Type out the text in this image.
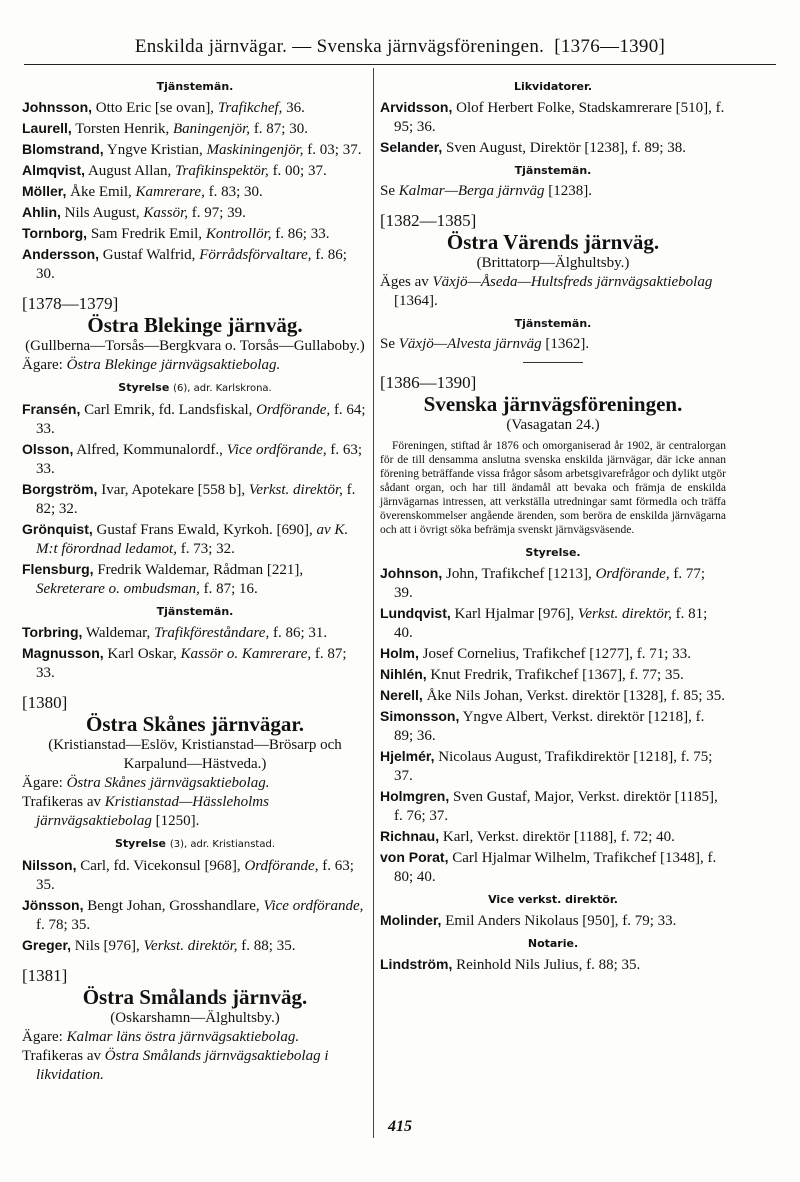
Enskilda järnvägar. — Svenska järnvägsföreningen. [1376—1390]
Tjänstemän.
Johnsson, Otto Eric [se ovan], Trafikchef, 36.
Laurell, Torsten Henrik, Baningenjör, f. 87; 30.
Blomstrand, Yngve Kristian, Maskiningenjör, f. 03; 37.
Almqvist, August Allan, Trafikinspektör, f. 00; 37.
Möller, Åke Emil, Kamrerare, f. 83; 30.
Ahlin, Nils August, Kassör, f. 97; 39.
Tornborg, Sam Fredrik Emil, Kontrollör, f. 86; 33.
Andersson, Gustaf Walfrid, Förrådsförvaltare, f. 86; 30.
[1378—1379]
Östra Blekinge järnväg.
(Gullberna—Torsås—Bergkvara o. Torsås—Gullaboby.)
Ägare: Östra Blekinge järnvägsaktiebolag.
Styrelse (6), adr. Karlskrona.
Fransén, Carl Emrik, fd. Landsfiskal, Ordförande, f. 64; 33.
Olsson, Alfred, Kommunalordf., Vice ordförande, f. 63; 33.
Borgström, Ivar, Apotekare [558 b], Verkst. direktör, f. 82; 32.
Grönquist, Gustaf Frans Ewald, Kyrkoh. [690], av K. M:t förordnad ledamot, f. 73; 32.
Flensburg, Fredrik Waldemar, Rådman [221], Sekreterare o. ombudsman, f. 87; 16.
Tjänstemän.
Torbring, Waldemar, Trafikföreståndare, f. 86; 31.
Magnusson, Karl Oskar, Kassör o. Kamrerare, f. 87; 33.
[1380]
Östra Skånes järnvägar.
(Kristianstad—Eslöv, Kristianstad—Brösarp och Karpalund—Hästveda.)
Ägare: Östra Skånes järnvägsaktiebolag.
Trafikeras av Kristianstad—Hässleholms järnvägsaktiebolag [1250].
Styrelse (3), adr. Kristianstad.
Nilsson, Carl, fd. Vicekonsul [968], Ordförande, f. 63; 35.
Jönsson, Bengt Johan, Grosshandlare, Vice ordförande, f. 78; 35.
Greger, Nils [976], Verkst. direktör, f. 88; 35.
[1381]
Östra Smålands järnväg.
(Oskarshamn—Älghultsby.)
Ägare: Kalmar läns östra järnvägsaktiebolag.
Trafikeras av Östra Smålands järnvägsaktiebolag i likvidation.
Likvidatorer.
Arvidsson, Olof Herbert Folke, Stadskamrerare [510], f. 95; 36.
Selander, Sven August, Direktör [1238], f. 89; 38.
Tjänstemän.
Se Kalmar—Berga järnväg [1238].
[1382—1385]
Östra Värends järnväg.
(Brittatorp—Älghultsby.)
Äges av Växjö—Åseda—Hultsfreds järnvägsaktiebolag [1364].
Tjänstemän.
Se Växjö—Alvesta järnväg [1362].
[1386—1390]
Svenska järnvägsföreningen.
(Vasagatan 24.)
Föreningen, stiftad år 1876 och omorganiserad år 1902, är centralorgan för de till densamma anslutna svenska enskilda järnvägar, där icke annan förening beträffande vissa frågor såsom arbetsgivarefrågor och dylikt utgör sådant organ, och har till ändamål att bevaka och främja de enskilda järnvägarnas intressen, att verkställa utredningar samt förmedla och träffa överenskommelser angående ärenden, som beröra de enskilda järnvägarna och att i övrigt söka befrämja svenskt järnvägsväsende.
Styrelse.
Johnson, John, Trafikchef [1213], Ordförande, f. 77; 39.
Lundqvist, Karl Hjalmar [976], Verkst. direktör, f. 81; 40.
Holm, Josef Cornelius, Trafikchef [1277], f. 71; 33.
Nihlén, Knut Fredrik, Trafikchef [1367], f. 77; 35.
Nerell, Åke Nils Johan, Verkst. direktör [1328], f. 85; 35.
Simonsson, Yngve Albert, Verkst. direktör [1218], f. 89; 36.
Hjelmér, Nicolaus August, Trafikdirektör [1218], f. 75; 37.
Holmgren, Sven Gustaf, Major, Verkst. direktör [1185], f. 76; 37.
Richnau, Karl, Verkst. direktör [1188], f. 72; 40.
von Porat, Carl Hjalmar Wilhelm, Trafikchef [1348], f. 80; 40.
Vice verkst. direktör.
Molinder, Emil Anders Nikolaus [950], f. 79; 33.
Notarie.
Lindström, Reinhold Nils Julius, f. 88; 35.
415
